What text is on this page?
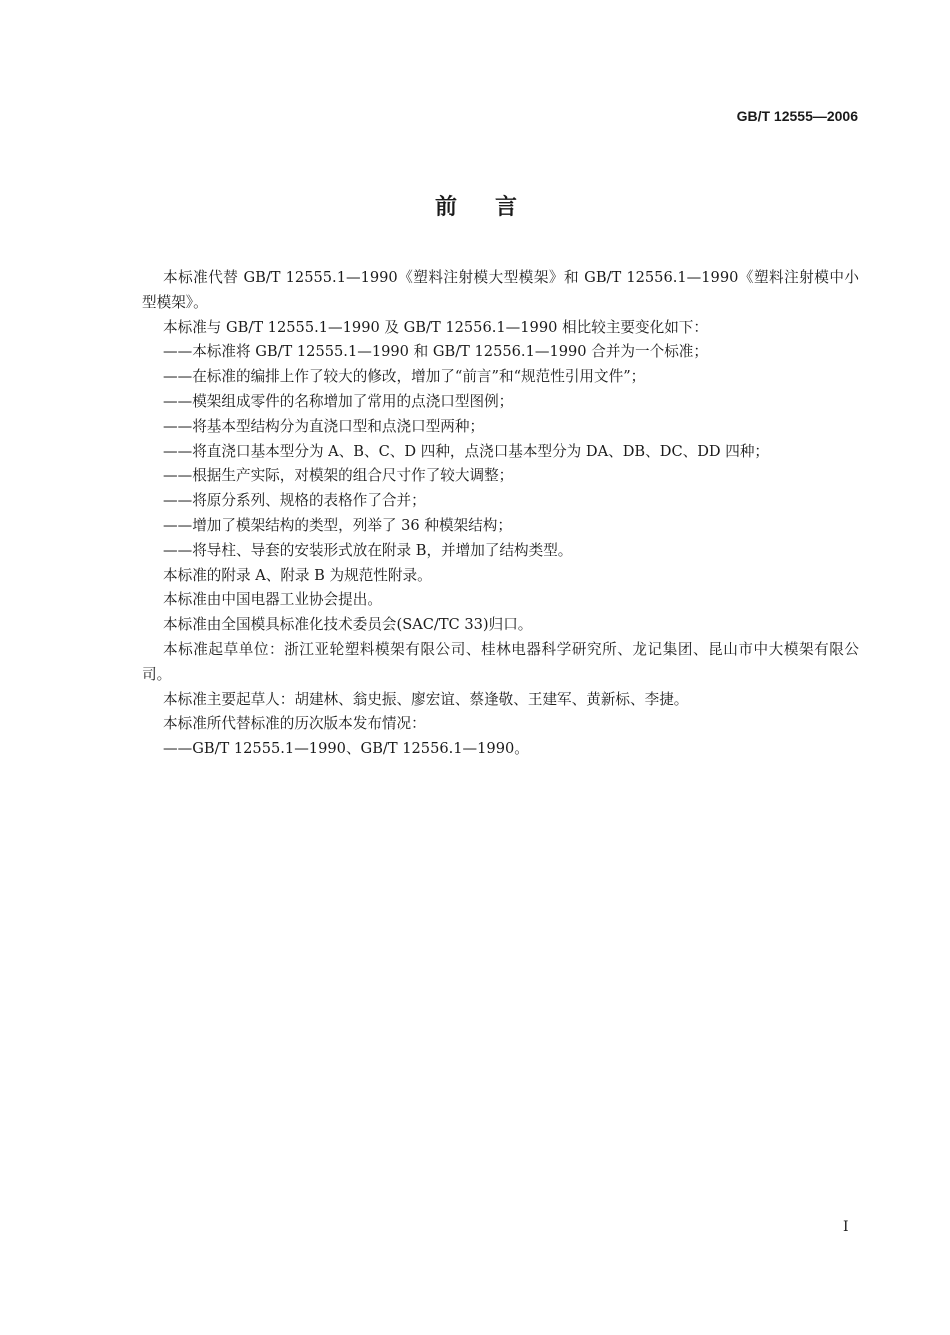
GB/T 12555—2006
前言

本标准代替 GB/T 12555.1—1990《塑料注射模大型模架》和 GB/T 12556.1—1990《塑料注射模中小型模架》。

本标准与 GB/T 12555.1—1990 及 GB/T 12556.1—1990 相比较主要变化如下：

——本标准将 GB/T 12555.1—1990 和 GB/T 12556.1—1990 合并为一个标准；

——在标准的编排上作了较大的修改，增加了“前言”和“规范性引用文件”；

——模架组成零件的名称增加了常用的点浇口型图例；

——将基本型结构分为直浇口型和点浇口型两种；

——将直浇口基本型分为 A、B、C、D 四种，点浇口基本型分为 DA、DB、DC、DD 四种；

——根据生产实际，对模架的组合尺寸作了较大调整；

——将原分系列、规格的表格作了合并；

——增加了模架结构的类型，列举了 36 种模架结构；

——将导柱、导套的安装形式放在附录 B，并增加了结构类型。

本标准的附录 A、附录 B 为规范性附录。

本标准由中国电器工业协会提出。

本标准由全国模具标准化技术委员会(SAC/TC 33)归口。

本标准起草单位：浙江亚轮塑料模架有限公司、桂林电器科学研究所、龙记集团、昆山市中大模架有限公司。

本标准主要起草人：胡建林、翁史振、廖宏谊、蔡逢敬、王建军、黄新标、李捷。

本标准所代替标准的历次版本发布情况：

——GB/T 12555.1—1990、GB/T 12556.1—1990。

I
